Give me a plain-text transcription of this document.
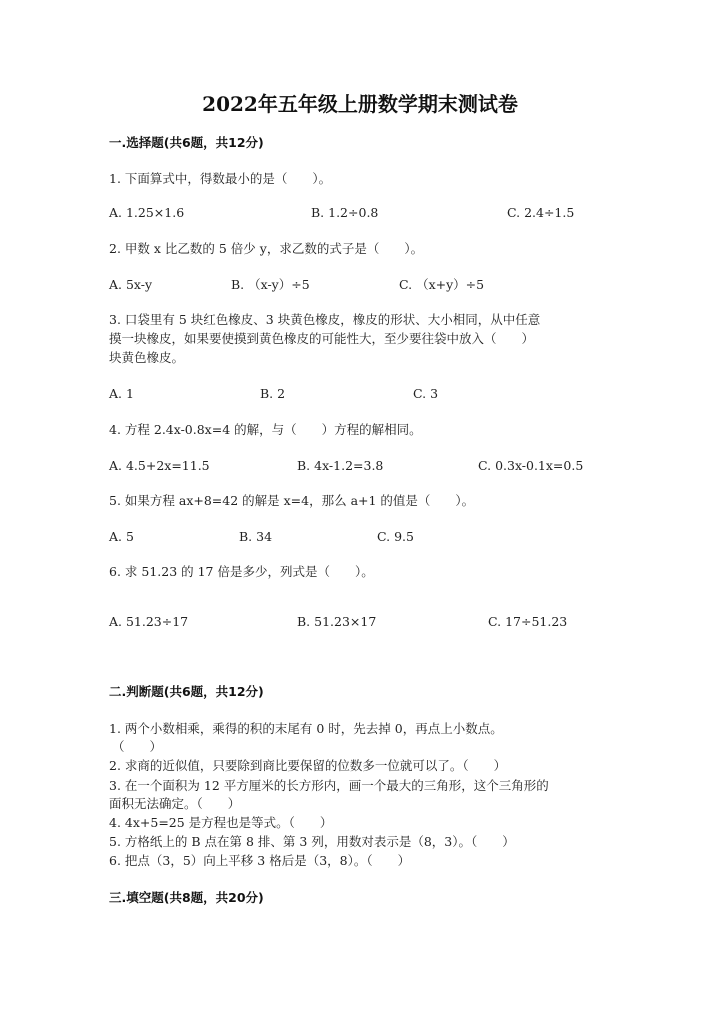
2022年五年级上册数学期末测试卷
一.选择题(共6题，共12分)
1. 下面算式中，得数最小的是（　　）。
A. 1.25×1.6	B. 1.2÷0.8	C. 2.4÷1.5
2. 甲数 x 比乙数的 5 倍少 y，求乙数的式子是（　　）。
A. 5x-y	B. （x-y）÷5	C. （x+y）÷5
3. 口袋里有 5 块红色橡皮、3 块黄色橡皮，橡皮的形状、大小相同，从中任意
摸一块橡皮，如果要使摸到黄色橡皮的可能性大，至少要往袋中放入（　　）
块黄色橡皮。
A. 1	B. 2	C. 3
4. 方程 2.4x-0.8x=4 的解，与（　　）方程的解相同。
A. 4.5+2x=11.5	B. 4x-1.2=3.8	C. 0.3x-0.1x=0.5
5. 如果方程 ax+8=42 的解是 x=4，那么 a+1 的值是（　　）。
A. 5	B. 34	C. 9.5
6. 求 51.23 的 17 倍是多少，列式是（　　）。
A. 51.23÷17	B. 51.23×17	C. 17÷51.23
二.判断题(共6题，共12分)
1. 两个小数相乘，乘得的积的末尾有 0 时，先去掉 0，再点上小数点。
（　　）
2. 求商的近似值，只要除到商比要保留的位数多一位就可以了。（　　）
3. 在一个面积为 12 平方厘米的长方形内，画一个最大的三角形，这个三角形的
面积无法确定。（　　）
4. 4x+5=25 是方程也是等式。（　　）
5. 方格纸上的 B 点在第 8 排、第 3 列，用数对表示是（8，3）。（　　）
6. 把点（3，5）向上平移 3 格后是（3，8）。（　　）
三.填空题(共8题，共20分)
